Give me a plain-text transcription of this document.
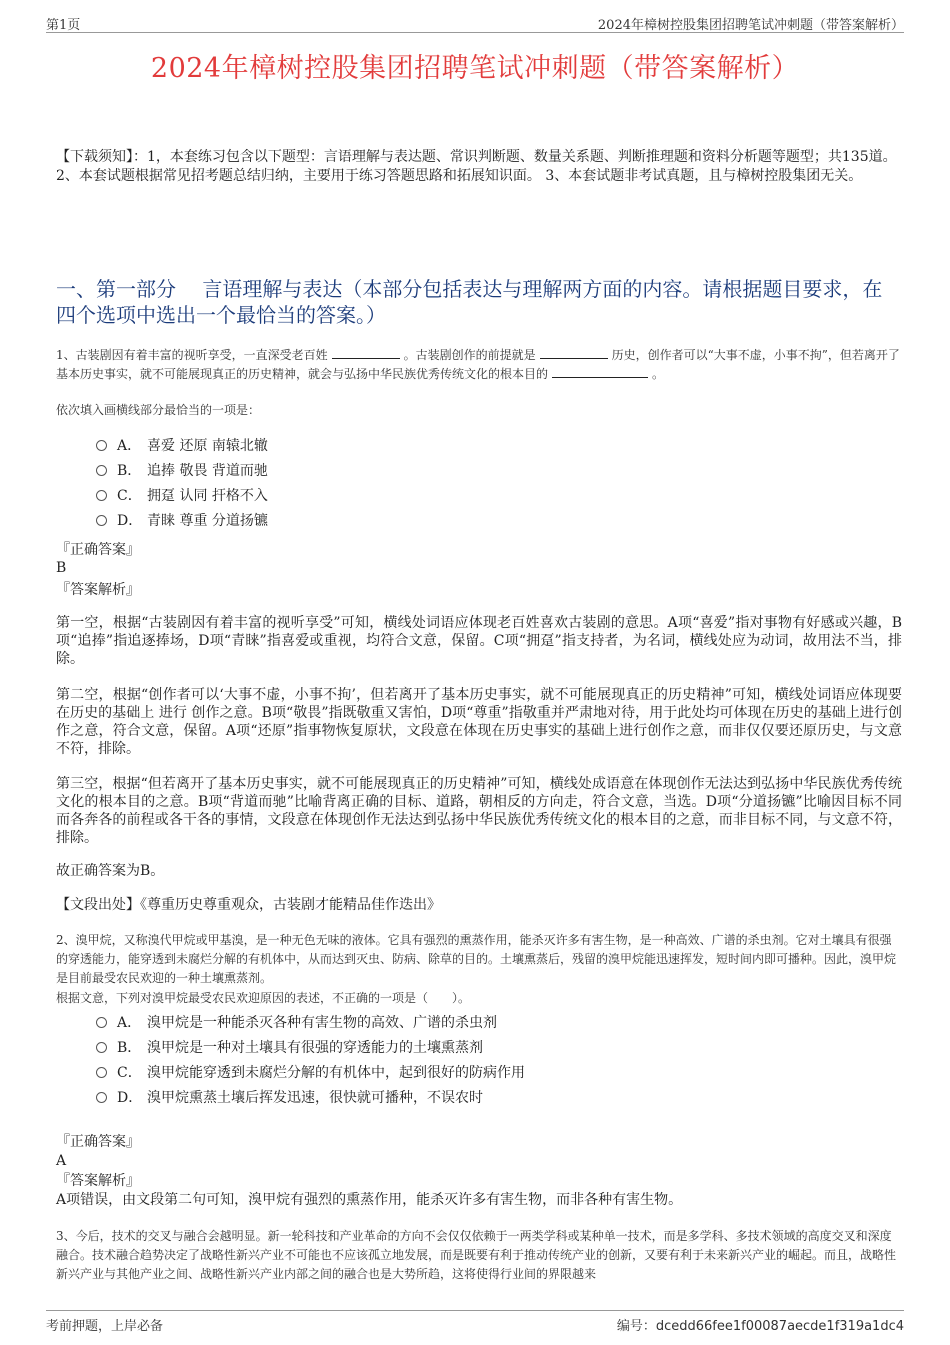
第1页	2024年樟树控股集团招聘笔试冲刺题（带答案解析）
2024年樟树控股集团招聘笔试冲刺题（带答案解析）
【下载须知】：1，本套练习包含以下题型：言语理解与表达题、常识判断题、数量关系题、判断推理题和资料分析题等题型；共135道。 2、本套试题根据常见招考题总结归纳，主要用于练习答题思路和拓展知识面。 3、本套试题非考试真题，且与樟树控股集团无关。
一、第一部分　 言语理解与表达（本部分包括表达与理解两方面的内容。请根据题目要求，在四个选项中选出一个最恰当的答案。）
1、古装剧因有着丰富的视听享受，一直深受老百姓	。古装剧创作的前提就是	历史，创作者可以“大事不虚，小事不拘”，但若离开了基本历史事实，就不可能展现真正的历史精神，就会与弘扬中华民族优秀传统文化的根本目的	。
依次填入画横线部分最恰当的一项是：
A． 喜爱 还原 南辕北辙
B． 追捧 敬畏 背道而驰
C． 拥趸 认同 扞格不入
D． 青睐 尊重 分道扬镳
『正确答案』
B
『答案解析』
第一空，根据“古装剧因有着丰富的视听享受”可知，横线处词语应体现老百姓喜欢古装剧的意思。A项“喜爱”指对事物有好感或兴趣，B项“追捧”指追逐捧场，D项“青睐”指喜爱或重视，均符合文意，保留。C项“拥趸”指支持者，为名词，横线处应为动词，故用法不当，排除。
第二空，根据“创作者可以‘大事不虚，小事不拘’，但若离开了基本历史事实，就不可能展现真正的历史精神”可知，横线处词语应体现要在历史的基础上 进行 创作之意。B项“敬畏”指既敬重又害怕，D项“尊重”指敬重并严肃地对待，用于此处均可体现在历史的基础上进行创作之意，符合文意，保留。A项“还原”指事物恢复原状，文段意在体现在历史事实的基础上进行创作之意，而非仅仅要还原历史，与文意不符，排除。
第三空，根据“但若离开了基本历史事实，就不可能展现真正的历史精神”可知，横线处成语意在体现创作无法达到弘扬中华民族优秀传统文化的根本目的之意。B项“背道而驰”比喻背离正确的目标、道路，朝相反的方向走，符合文意，当选。D项“分道扬镳”比喻因目标不同而各奔各的前程或各干各的事情，文段意在体现创作无法达到弘扬中华民族优秀传统文化的根本目的之意，而非目标不同，与文意不符，排除。
故正确答案为B。
【文段出处】《尊重历史尊重观众，古装剧才能精品佳作迭出》
2、溴甲烷，又称溴代甲烷或甲基溴，是一种无色无味的液体。它具有强烈的熏蒸作用，能杀灭许多有害生物，是一种高效、广谱的杀虫剂。它对土壤具有很强的穿透能力，能穿透到未腐烂分解的有机体中，从而达到灭虫、防病、除草的目的。土壤熏蒸后，残留的溴甲烷能迅速挥发，短时间内即可播种。因此，溴甲烷是目前最受农民欢迎的一种土壤熏蒸剂。
根据文意，下列对溴甲烷最受农民欢迎原因的表述，不正确的一项是（　　）。
A． 溴甲烷是一种能杀灭各种有害生物的高效、广谱的杀虫剂
B． 溴甲烷是一种对土壤具有很强的穿透能力的土壤熏蒸剂
C． 溴甲烷能穿透到未腐烂分解的有机体中，起到很好的防病作用
D． 溴甲烷熏蒸土壤后挥发迅速，很快就可播种，不误农时
『正确答案』
A
『答案解析』
A项错误，由文段第二句可知，溴甲烷有强烈的熏蒸作用，能杀灭许多有害生物，而非各种有害生物。
3、今后，技术的交叉与融合会越明显。新一轮科技和产业革命的方向不会仅仅依赖于一两类学科或某种单一技术，而是多学科、多技术领域的高度交叉和深度融合。技术融合趋势决定了战略性新兴产业不可能也不应该孤立地发展，而是既要有利于推动传统产业的创新，又要有利于未来新兴产业的崛起。而且，战略性新兴产业与其他产业之间、战略性新兴产业内部之间的融合也是大势所趋，这将使得行业间的界限越来
考前押题，上岸必备	编号：dcedd66fee1f00087aecde1f319a1dc4
